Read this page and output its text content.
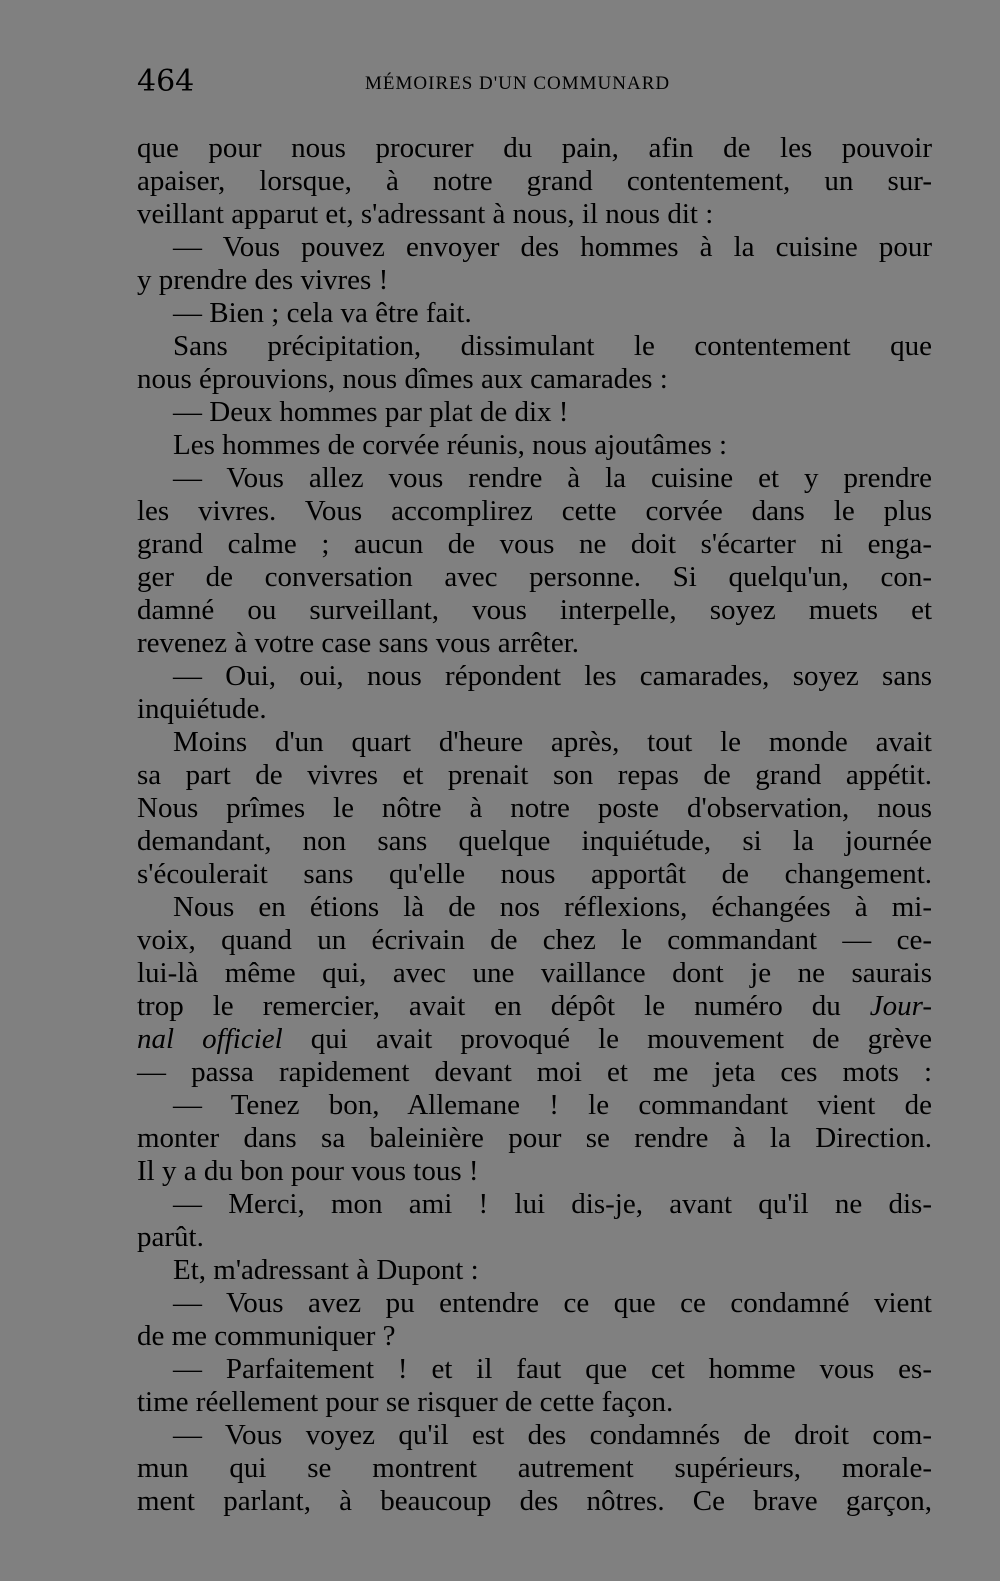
464	MÉMOIRES D'UN COMMUNARD
que pour nous procurer du pain, afin de les pouvoir
apaiser, lorsque, à notre grand contentement, un sur-
veillant apparut et, s'adressant à nous, il nous dit :
— Vous pouvez envoyer des hommes à la cuisine pour
y prendre des vivres !
— Bien ; cela va être fait.
Sans précipitation, dissimulant le contentement que
nous éprouvions, nous dîmes aux camarades :
— Deux hommes par plat de dix !
Les hommes de corvée réunis, nous ajoutâmes :
— Vous allez vous rendre à la cuisine et y prendre
les vivres. Vous accomplirez cette corvée dans le plus
grand calme ; aucun de vous ne doit s'écarter ni enga-
ger de conversation avec personne. Si quelqu'un, con-
damné ou surveillant, vous interpelle, soyez muets et
revenez à votre case sans vous arrêter.
— Oui, oui, nous répondent les camarades, soyez sans
inquiétude.
Moins d'un quart d'heure après, tout le monde avait
sa part de vivres et prenait son repas de grand appétit.
Nous prîmes le nôtre à notre poste d'observation, nous
demandant, non sans quelque inquiétude, si la journée
s'écoulerait sans qu'elle nous apportât de changement.
Nous en étions là de nos réflexions, échangées à mi-
voix, quand un écrivain de chez le commandant — ce-
lui-là même qui, avec une vaillance dont je ne saurais
trop le remercier, avait en dépôt le numéro du Jour-
nal officiel qui avait provoqué le mouvement de grève
— passa rapidement devant moi et me jeta ces mots :
— Tenez bon, Allemane ! le commandant vient de
monter dans sa baleinière pour se rendre à la Direction.
Il y a du bon pour vous tous !
— Merci, mon ami ! lui dis-je, avant qu'il ne dis-
parût.
Et, m'adressant à Dupont :
— Vous avez pu entendre ce que ce condamné vient
de me communiquer ?
— Parfaitement ! et il faut que cet homme vous es-
time réellement pour se risquer de cette façon.
— Vous voyez qu'il est des condamnés de droit com-
mun qui se montrent autrement supérieurs, morale-
ment parlant, à beaucoup des nôtres. Ce brave garçon,
